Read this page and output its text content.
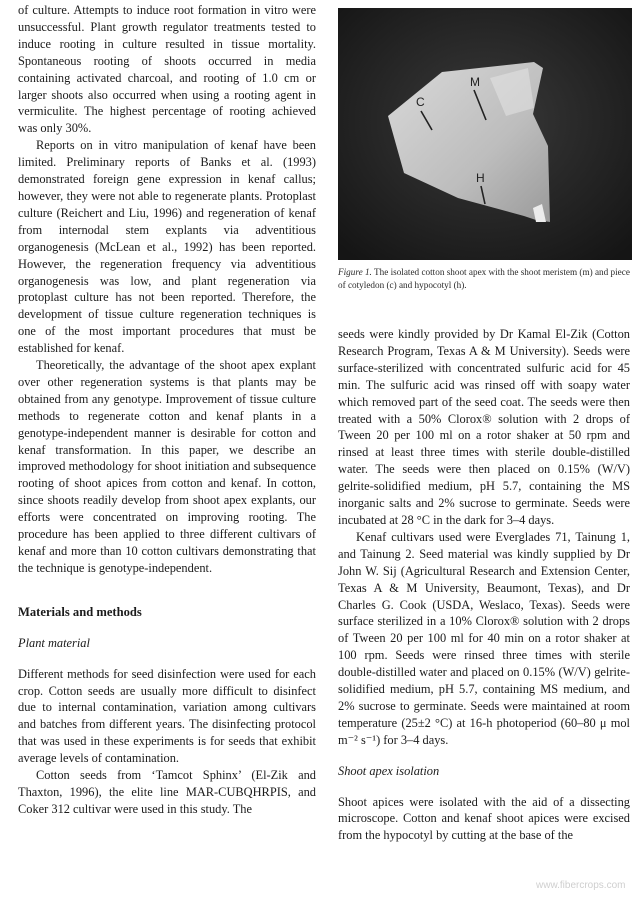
of culture. Attempts to induce root formation in vitro were unsuccessful. Plant growth regulator treatments tested to induce rooting in culture resulted in tissue mortality. Spontaneous rooting of shoots occurred in media containing activated charcoal, and rooting of 1.0 cm or larger shoots also occurred when using a rooting agent in vermiculite. The highest percentage of rooting achieved was only 30%.

Reports on in vitro manipulation of kenaf have been limited. Preliminary reports of Banks et al. (1993) demonstrated foreign gene expression in kenaf callus; however, they were not able to regenerate plants. Protoplast culture (Reichert and Liu, 1996) and regeneration of kenaf from internodal stem explants via adventitious organogenesis (McLean et al., 1992) has been reported. However, the regeneration frequency via adventitious organogenesis was low, and plant regeneration via protoplast culture has not been reported. Therefore, the development of tissue culture regeneration techniques is one of the most important procedures that must be established for kenaf.

Theoretically, the advantage of the shoot apex explant over other regeneration systems is that plants may be obtained from any genotype. Improvement of tissue culture methods to regenerate cotton and kenaf plants in a genotype-independent manner is desirable for cotton and kenaf transformation. In this paper, we describe an improved methodology for shoot initiation and subsequence rooting of shoot apices from cotton and kenaf. In cotton, since shoots readily develop from shoot apex explants, our efforts were concentrated on improving rooting. The procedure has been applied to three different cultivars of kenaf and more than 10 cotton cultivars demonstrating that the technique is genotype-independent.

Materials and methods

Plant material

Different methods for seed disinfection were used for each crop. Cotton seeds are usually more difficult to disinfect due to internal contamination, variation among cultivars and batches from different years. The disinfecting protocol that was used in these experiments is for seeds that exhibit average levels of contamination.

Cotton seeds from ‘Tamcot Sphinx’ (El-Zik and Thaxton, 1996), the elite line MAR-CUBQHRPIS, and Coker 312 cultivar were used in this study. The

M
C
H
Figure 1. The isolated cotton shoot apex with the shoot meristem (m) and piece of cotyledon (c) and hypocotyl (h).

seeds were kindly provided by Dr Kamal El-Zik (Cotton Research Program, Texas A & M University). Seeds were surface-sterilized with concentrated sulfuric acid for 45 min. The sulfuric acid was rinsed off with soapy water which removed part of the seed coat. The seeds were then treated with a 50% Clorox® solution with 2 drops of Tween 20 per 100 ml on a rotor shaker at 50 rpm and rinsed at least three times with sterile double-distilled water. The seeds were then placed on 0.15% (W/V) gelrite-solidified medium, pH 5.7, containing the MS inorganic salts and 2% sucrose to germinate. Seeds were incubated at 28 °C in the dark for 3–4 days.

Kenaf cultivars used were Everglades 71, Tainung 1, and Tainung 2. Seed material was kindly supplied by Dr John W. Sij (Agricultural Research and Extension Center, Texas A & M University, Beaumont, Texas), and Dr Charles G. Cook (USDA, Weslaco, Texas). Seeds were surface sterilized in a 10% Clorox® solution with 2 drops of Tween 20 per 100 ml for 40 min on a rotor shaker at 100 rpm. Seeds were rinsed three times with sterile double-distilled water and placed on 0.15% (W/V) gelrite-solidified medium, pH 5.7, containing MS medium, and 2% sucrose to germinate. Seeds were maintained at room temperature (25±2 °C) at 16-h photoperiod (60–80 μ mol m⁻² s⁻¹) for 3–4 days.

Shoot apex isolation

Shoot apices were isolated with the aid of a dissecting microscope. Cotton and kenaf shoot apices were excised from the hypocotyl by cutting at the base of the

www.fibercrops.com
